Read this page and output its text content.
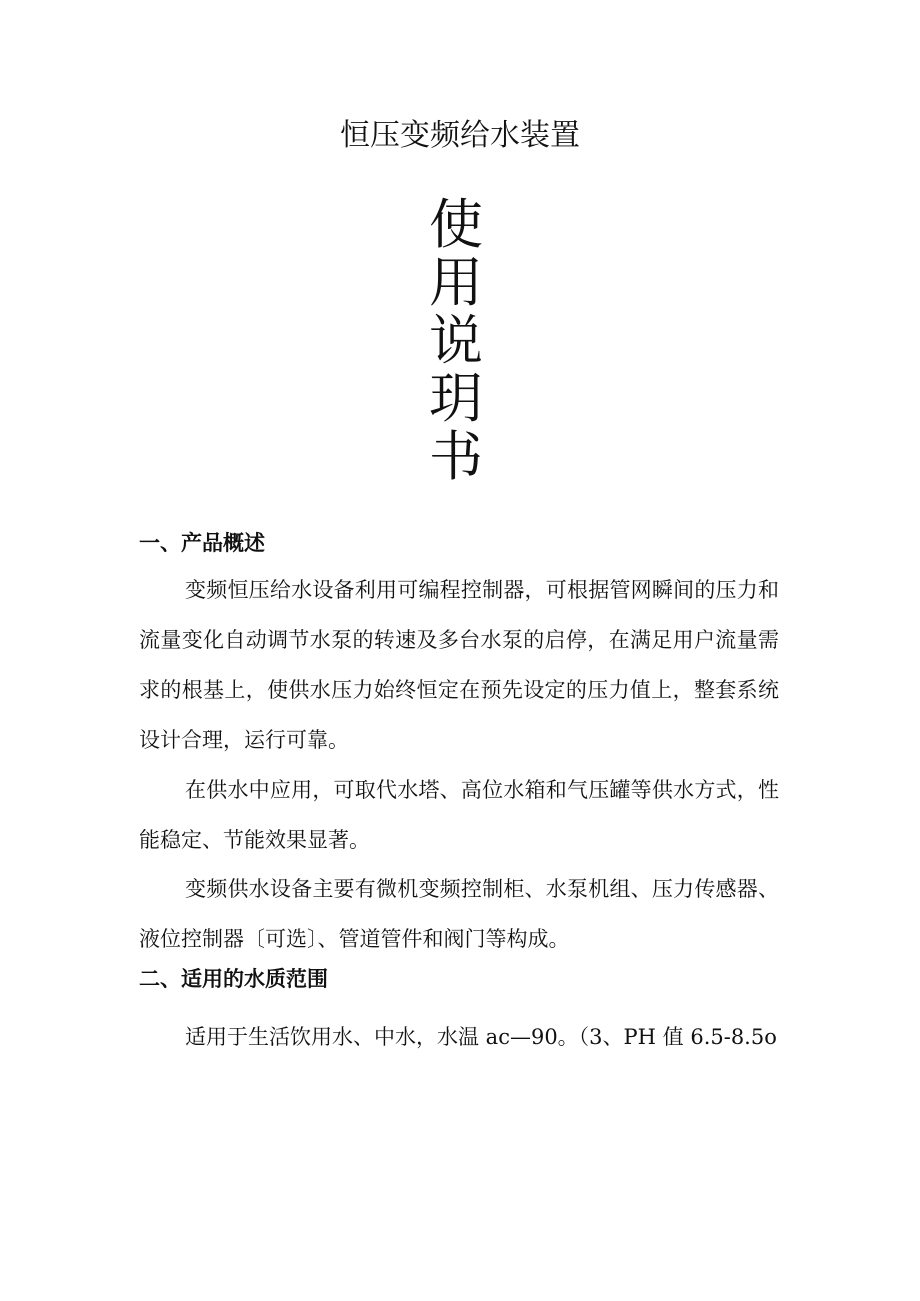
恒压变频给水装置
使
用
说
玥
书
一、产品概述

变频恒压给水设备利用可编程控制器，可根据管网瞬间的压力和流量变化自动调节水泵的转速及多台水泵的启停，在满足用户流量需求的根基上，使供水压力始终恒定在预先设定的压力值上，整套系统设计合理，运行可靠。

在供水中应用，可取代水塔、高位水箱和气压罐等供水方式，性能稳定、节能效果显著。

变频供水设备主要有微机变频控制柜、水泵机组、压力传感器、液位控制器〔可选〕、管道管件和阀门等构成。

二、适用的水质范围

适用于生活饮用水、中水，水温 ac—90。（3、PH 值 6.5-8.5o
